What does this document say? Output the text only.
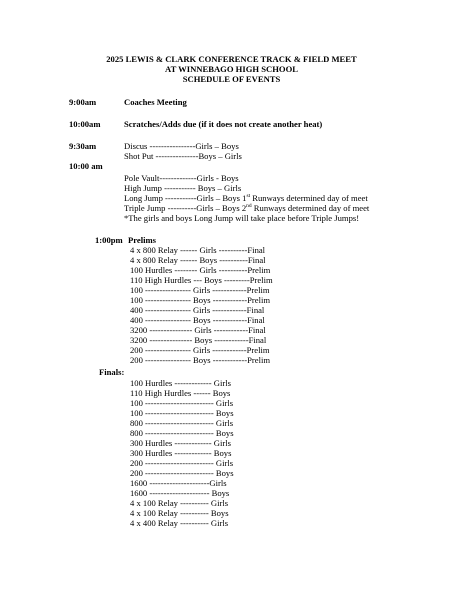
2025 LEWIS & CLARK CONFERENCE TRACK & FIELD MEET
AT WINNEBAGO HIGH SCHOOL
SCHEDULE OF EVENTS
9:00am	Coaches Meeting
10:00am	Scratches/Adds due (if it does not create another heat)
9:30am	Discus ----------------Girls – Boys
Shot Put ---------------Boys – Girls
10:00 am
Pole Vault-------------Girls - Boys
High Jump ----------- Boys – Girls
Long Jump -----------Girls – Boys 1st Runways determined day of meet
Triple Jump ----------Girls – Boys 2nd Runways determined day of meet
*The girls and boys Long Jump will take place before Triple Jumps!
1:00pm Prelims
4 x 800 Relay ------ Girls ----------Final
4 x 800 Relay ------ Boys ----------Final
100 Hurdles -------- Girls ----------Prelim
110 High Hurdles --- Boys ---------Prelim
100 ---------------- Girls ------------Prelim
100 ---------------- Boys ------------Prelim
400 ---------------- Girls ------------Final
400 ---------------- Boys ------------Final
3200 --------------- Girls ------------Final
3200 --------------- Boys ------------Final
200 ---------------- Girls ------------Prelim
200 ---------------- Boys ------------Prelim
Finals:
100 Hurdles ------------- Girls
110 High Hurdles ------ Boys
100 ------------------------ Girls
100 ------------------------ Boys
800 ------------------------ Girls
800 ------------------------ Boys
300 Hurdles ------------- Girls
300 Hurdles ------------- Boys
200 ------------------------ Girls
200 ------------------------ Boys
1600 ---------------------Girls
1600 --------------------- Boys
4 x 100 Relay ---------- Girls
4 x 100 Relay ---------- Boys
4 x 400 Relay ---------- Girls
